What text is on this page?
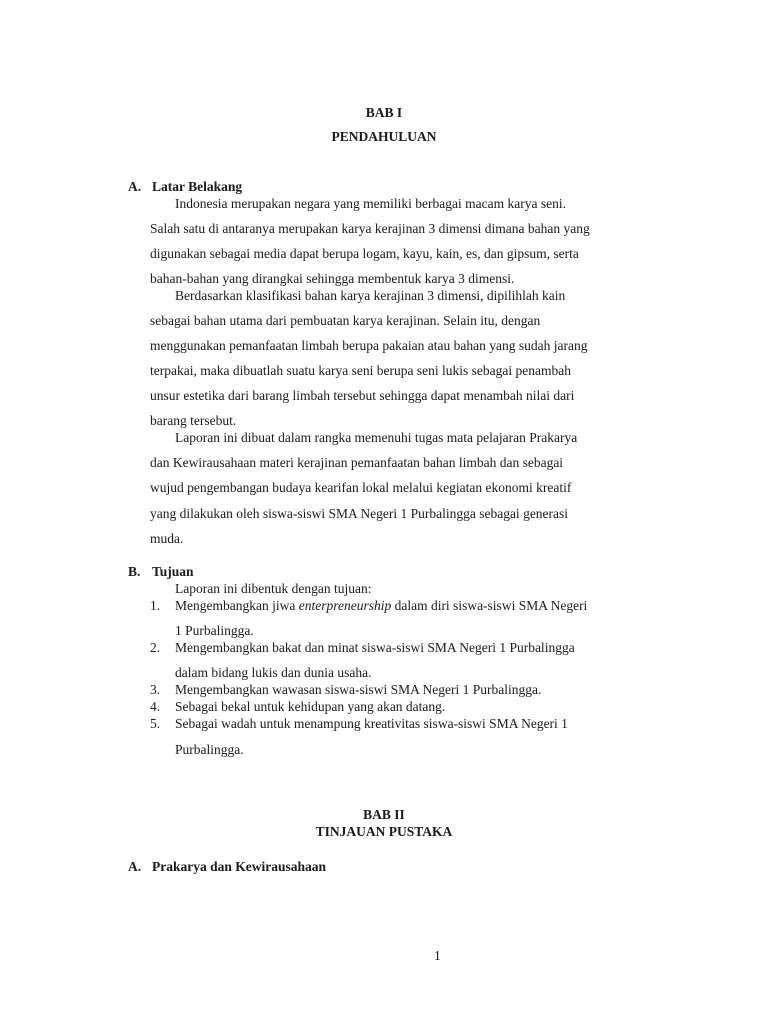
BAB I
PENDAHULUAN
A. Latar Belakang
Indonesia merupakan negara yang memiliki berbagai macam karya seni.
Salah satu di antaranya merupakan karya kerajinan 3 dimensi dimana bahan yang
digunakan sebagai media dapat berupa logam, kayu, kain, es, dan gipsum, serta
bahan-bahan yang dirangkai sehingga membentuk karya 3 dimensi.
Berdasarkan klasifikasi bahan karya kerajinan 3 dimensi, dipilihlah kain
sebagai bahan utama dari pembuatan karya kerajinan. Selain itu, dengan
menggunakan pemanfaatan limbah berupa pakaian atau bahan yang sudah jarang
terpakai, maka dibuatlah suatu karya seni berupa seni lukis sebagai penambah
unsur estetika dari barang limbah tersebut sehingga dapat menambah nilai dari
barang tersebut.
Laporan ini dibuat dalam rangka memenuhi tugas mata pelajaran Prakarya
dan Kewirausahaan materi kerajinan pemanfaatan bahan limbah dan sebagai
wujud pengembangan budaya kearifan lokal melalui kegiatan ekonomi kreatif
yang dilakukan oleh siswa-siswi SMA Negeri 1 Purbalingga sebagai generasi
muda.
B. Tujuan
Laporan ini dibentuk dengan tujuan:
1. Mengembangkan jiwa enterpreneurship dalam diri siswa-siswi SMA Negeri
1 Purbalingga.
2. Mengembangkan bakat dan minat siswa-siswi SMA Negeri 1 Purbalingga
dalam bidang lukis dan dunia usaha.
3. Mengembangkan wawasan siswa-siswi SMA Negeri 1 Purbalingga.
4. Sebagai bekal untuk kehidupan yang akan datang.
5. Sebagai wadah untuk menampung kreativitas siswa-siswi SMA Negeri 1
Purbalingga.
BAB II
TINJAUAN PUSTAKA
A. Prakarya dan Kewirausahaan
1
